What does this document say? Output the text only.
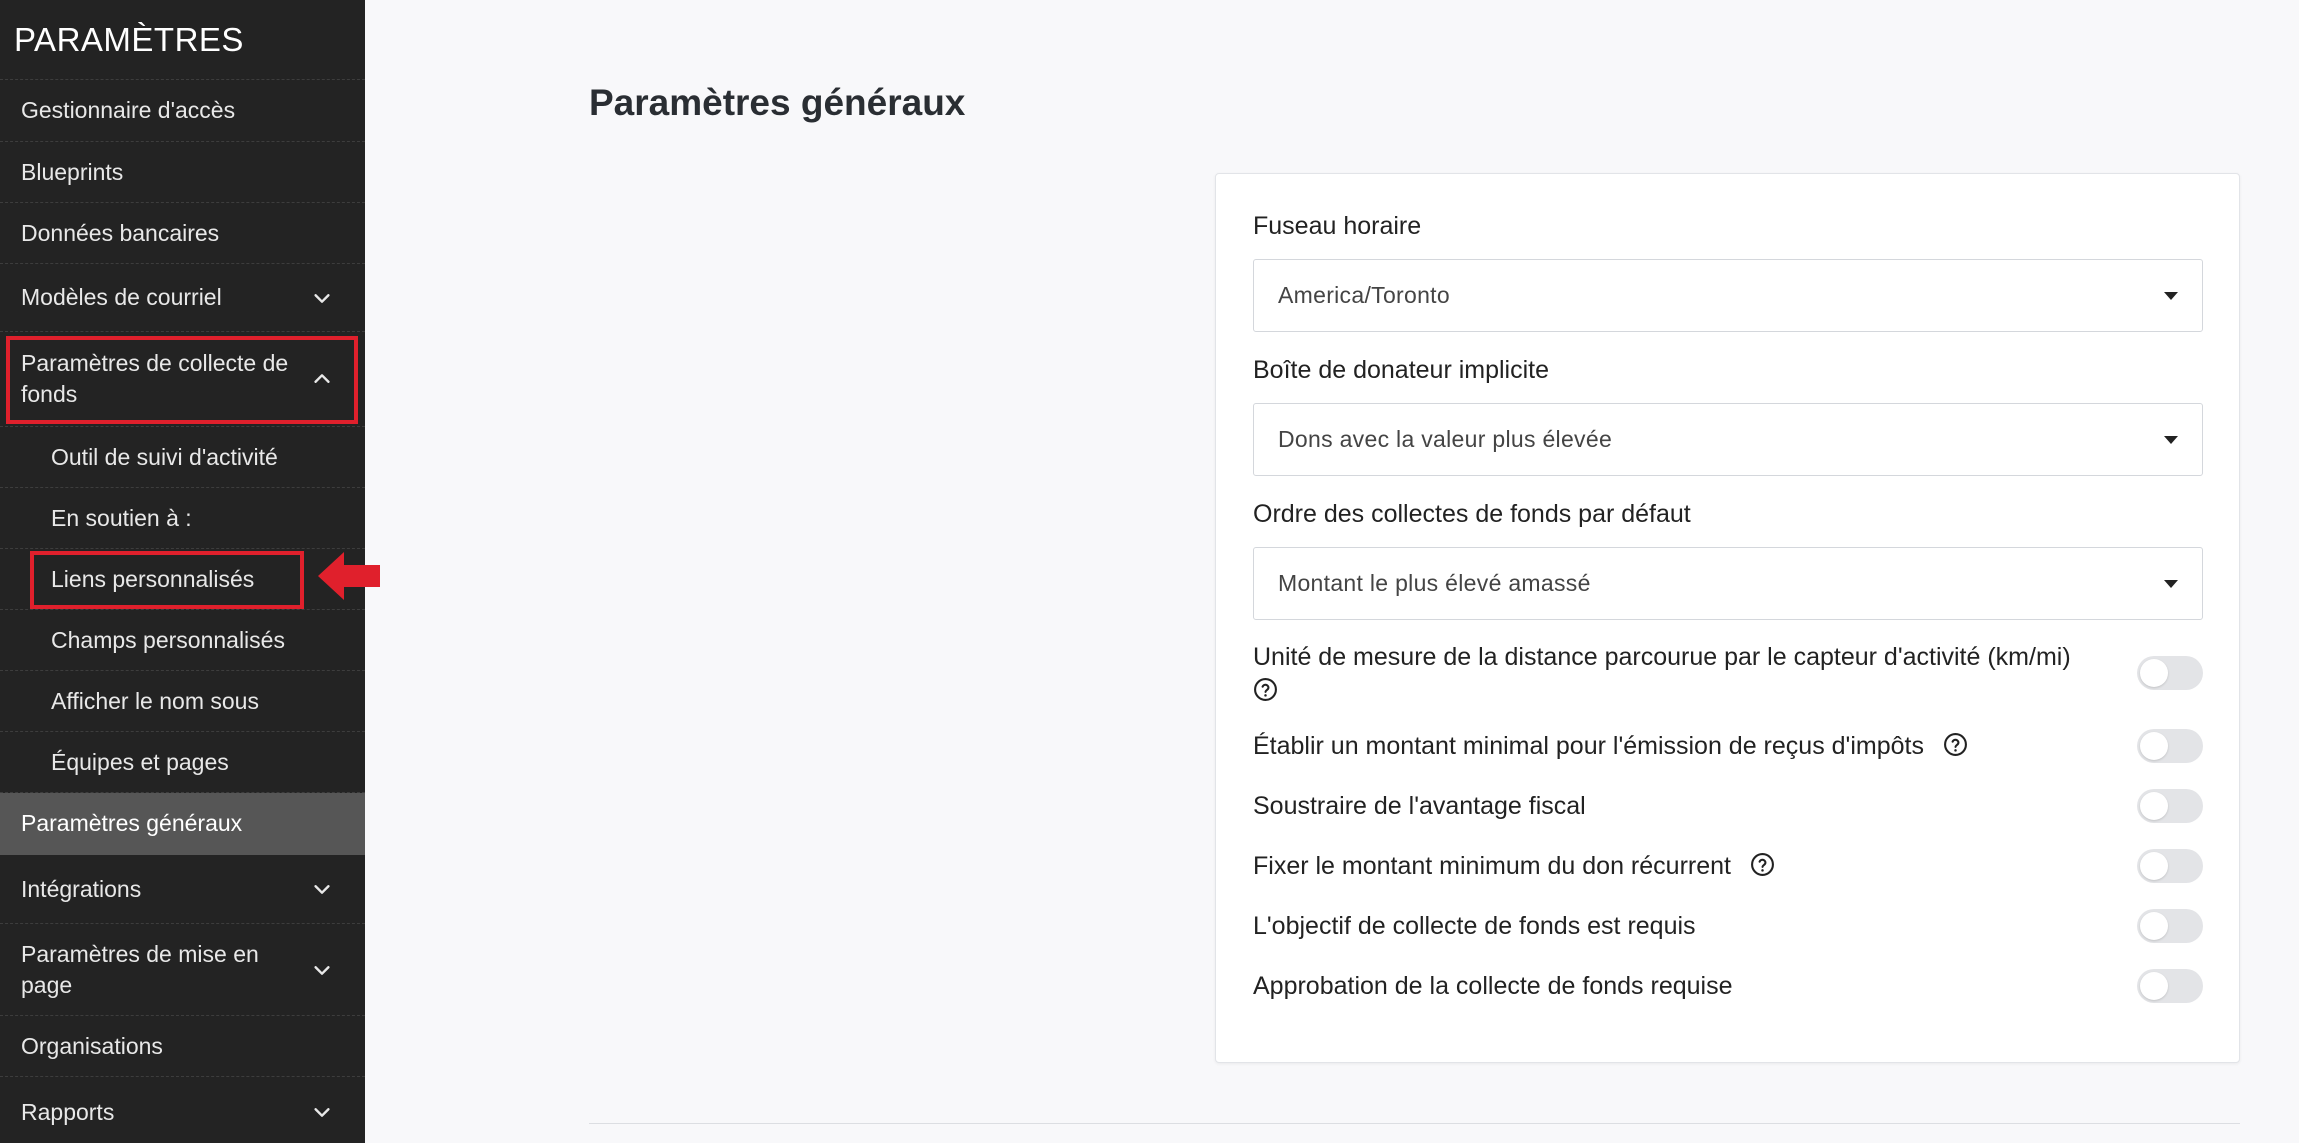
PARAMÈTRES
Gestionnaire d'accès
Blueprints
Données bancaires
Modèles de courriel
Paramètres de collecte de fonds
Outil de suivi d'activité
En soutien à :
Liens personnalisés
Champs personnalisés
Afficher le nom sous
Équipes et pages
Paramètres généraux
Intégrations
Paramètres de mise en page
Organisations
Rapports
Paramètres généraux
Fuseau horaire
America/Toronto
Boîte de donateur implicite
Dons avec la valeur plus élevée
Ordre des collectes de fonds par défaut
Montant le plus élevé amassé
Unité de mesure de la distance parcourue par le capteur d'activité (km/mi)

Établir un montant minimal pour l'émission de reçus d'impôts
Soustraire de l'avantage fiscal
Fixer le montant minimum du don récurrent
L'objectif de collecte de fonds est requis
Approbation de la collecte de fonds requise
